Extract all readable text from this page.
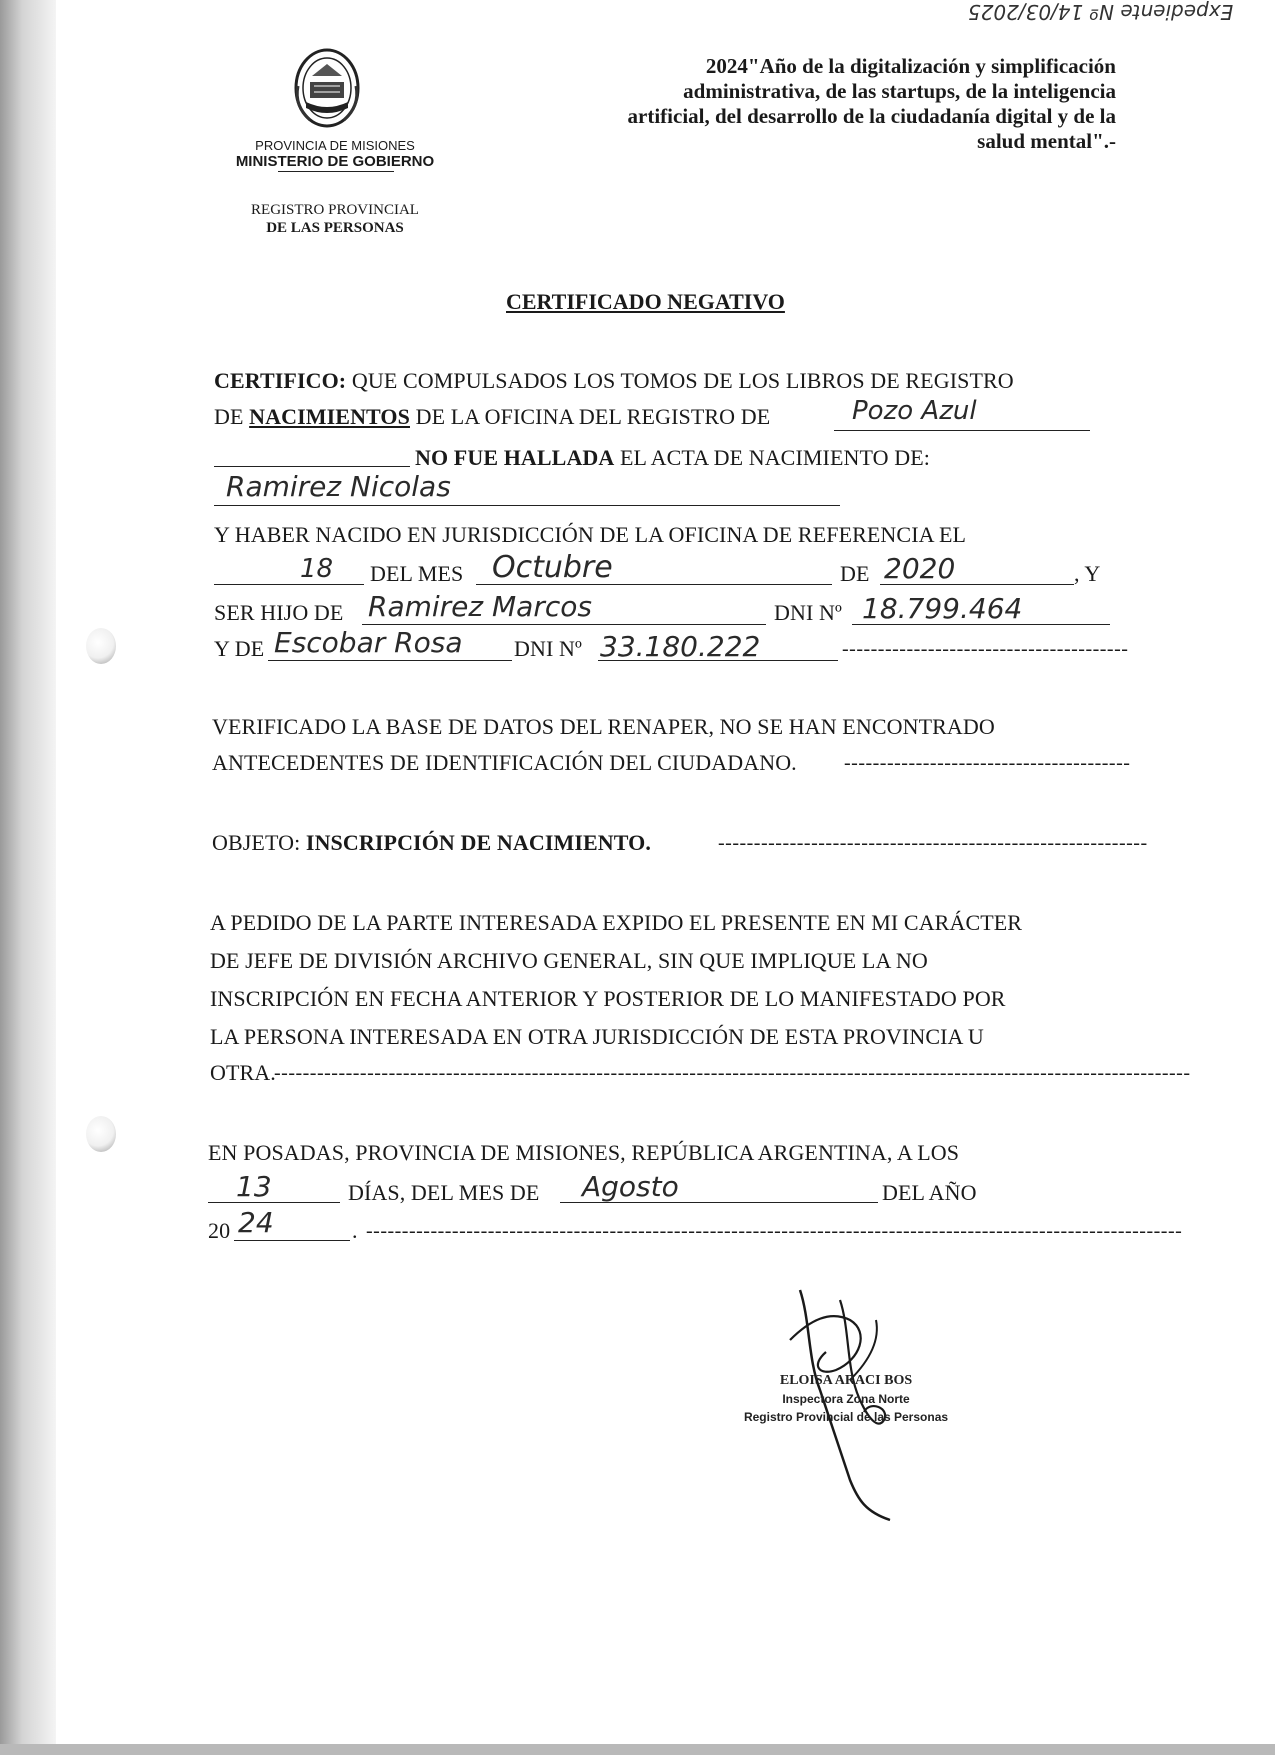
Expediente Nº 14/03/2025
PROVINCIA DE MISIONES
MINISTERIO DE GOBIERNO
REGISTRO PROVINCIAL
DE LAS PERSONAS
2024"Año de la digitalización y simplificación administrativa, de las startups, de la inteligencia artificial, del desarrollo de la ciudadanía digital y de la salud mental".-
CERTIFICADO NEGATIVO
CERTIFICO: QUE COMPULSADOS LOS TOMOS DE LOS LIBROS DE REGISTRO
DE NACIMIENTOS DE LA OFICINA DEL REGISTRO DE	Pozo Azul
NO FUE HALLADA EL ACTA DE NACIMIENTO DE:
Ramirez Nicolas
Y HABER NACIDO EN JURISDICCIÓN DE LA OFICINA DE REFERENCIA EL
18 DEL MES Octubre	DE 2020	, Y
SER HIJO DE Ramirez Marcos	DNI Nº 18.799.464
Y DE Escobar Rosa DNI Nº 33.180.222	----------------------------------------
VERIFICADO LA BASE DE DATOS DEL RENAPER, NO SE HAN ENCONTRADO
ANTECEDENTES DE IDENTIFICACIÓN DEL CIUDADANO. ----------------------------------------
OBJETO: INSCRIPCIÓN DE NACIMIENTO.	------------------------------------------------------------
A PEDIDO DE LA PARTE INTERESADA EXPIDO EL PRESENTE EN MI CARÁCTER
DE JEFE DE DIVISIÓN ARCHIVO GENERAL, SIN QUE IMPLIQUE LA NO
INSCRIPCIÓN EN FECHA ANTERIOR Y POSTERIOR DE LO MANIFESTADO POR
LA PERSONA INTERESADA EN OTRA JURISDICCIÓN DE ESTA PROVINCIA U
OTRA.
--------------------------------------------------------------------------------------------------------------------------------
EN POSADAS, PROVINCIA DE MISIONES, REPÚBLICA ARGENTINA, A LOS
13	DÍAS, DEL MES DE Agosto	DEL AÑO
20 24	. ------------------------------------------------------------------------------------------------------------------
ELOISA ARACI BOS
Inspectora Zona Norte
Registro Provincial de las Personas
